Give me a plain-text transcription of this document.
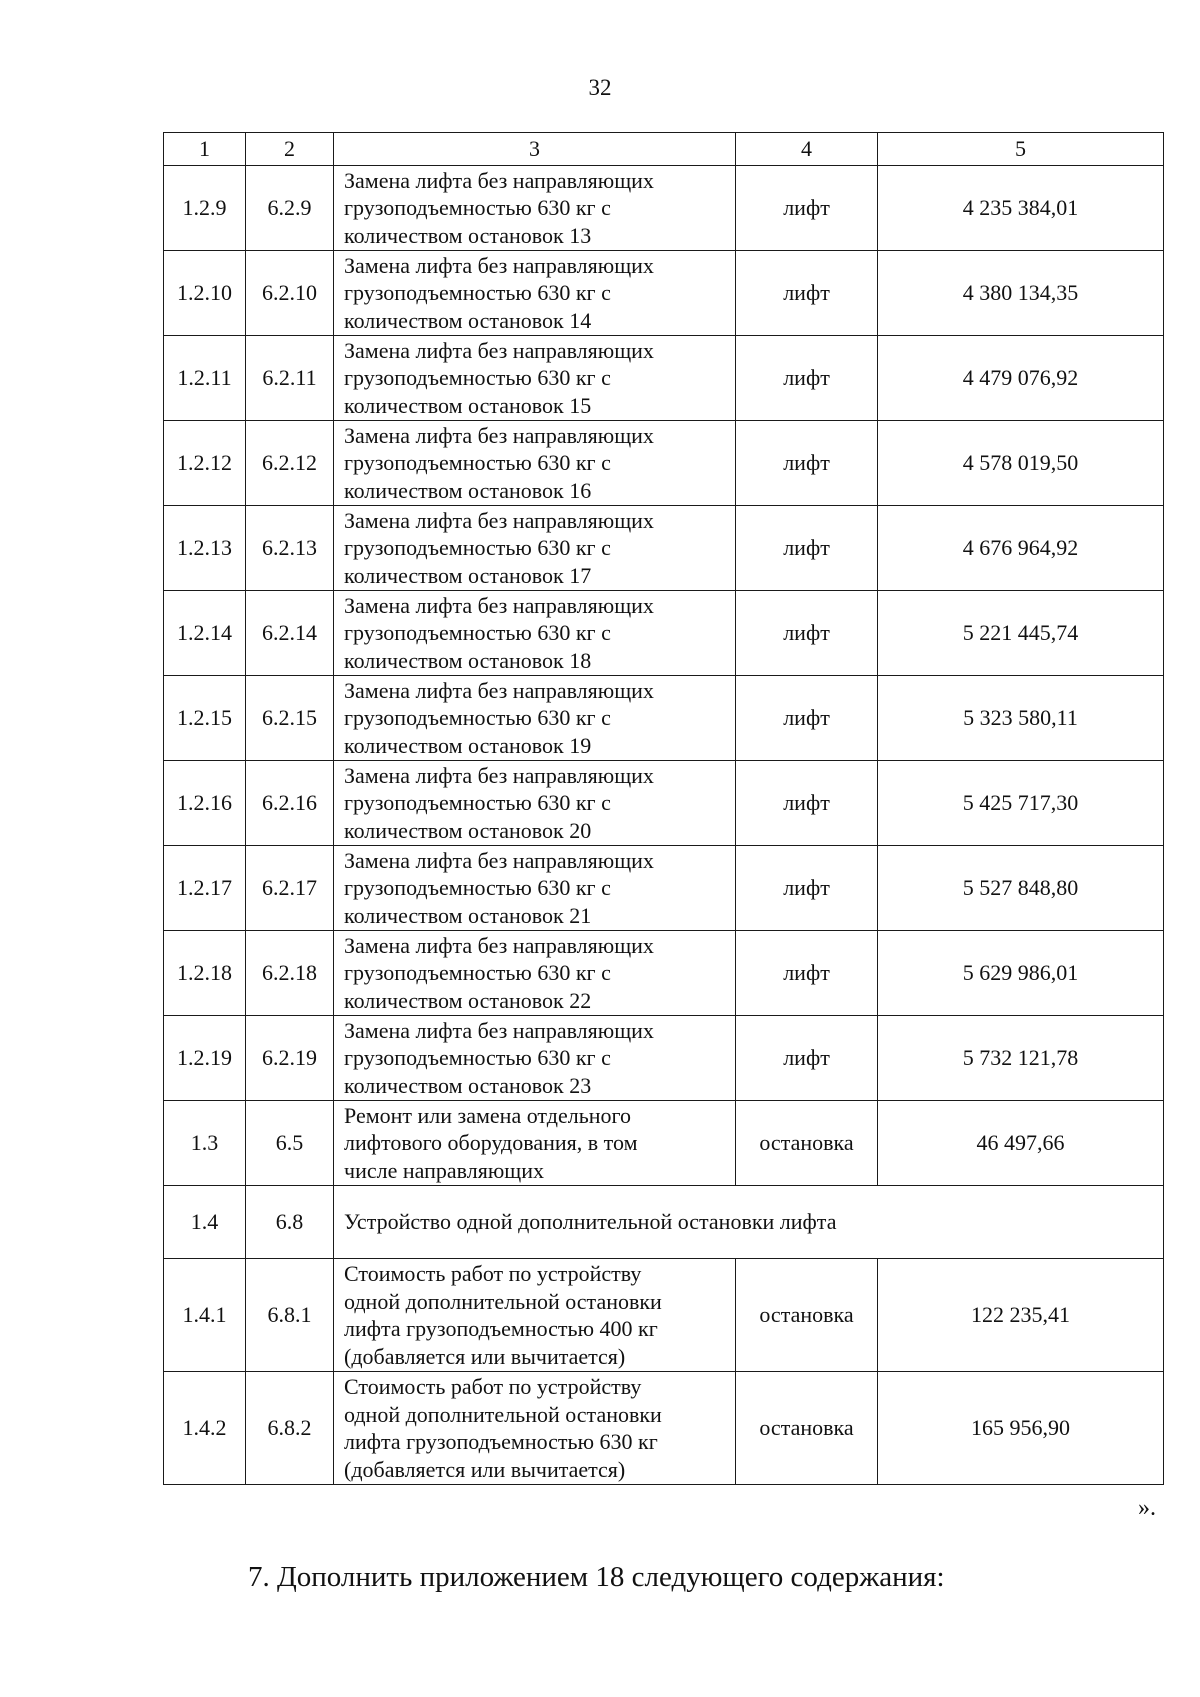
32
1	2	3	4	5
1.2.9	6.2.9	Замена лифта без направляющих
грузоподъемностью 630 кг с
количеством остановок 13	лифт	4 235 384,01
1.2.10	6.2.10	Замена лифта без направляющих
грузоподъемностью 630 кг с
количеством остановок 14	лифт	4 380 134,35
1.2.11	6.2.11	Замена лифта без направляющих
грузоподъемностью 630 кг с
количеством остановок 15	лифт	4 479 076,92
1.2.12	6.2.12	Замена лифта без направляющих
грузоподъемностью 630 кг с
количеством остановок 16	лифт	4 578 019,50
1.2.13	6.2.13	Замена лифта без направляющих
грузоподъемностью 630 кг с
количеством остановок 17	лифт	4 676 964,92
1.2.14	6.2.14	Замена лифта без направляющих
грузоподъемностью 630 кг с
количеством остановок 18	лифт	5 221 445,74
1.2.15	6.2.15	Замена лифта без направляющих
грузоподъемностью 630 кг с
количеством остановок 19	лифт	5 323 580,11
1.2.16	6.2.16	Замена лифта без направляющих
грузоподъемностью 630 кг с
количеством остановок 20	лифт	5 425 717,30
1.2.17	6.2.17	Замена лифта без направляющих
грузоподъемностью 630 кг с
количеством остановок 21	лифт	5 527 848,80
1.2.18	6.2.18	Замена лифта без направляющих
грузоподъемностью 630 кг с
количеством остановок 22	лифт	5 629 986,01
1.2.19	6.2.19	Замена лифта без направляющих
грузоподъемностью 630 кг с
количеством остановок 23	лифт	5 732 121,78
1.3	6.5	Ремонт или замена отдельного
лифтового оборудования, в том
числе направляющих	остановка	46 497,66
1.4	6.8	Устройство одной дополнительной остановки лифта		
1.4.1	6.8.1	Стоимость работ по устройству
одной дополнительной остановки
лифта грузоподъемностью 400 кг
(добавляется или вычитается)	остановка	122 235,41
1.4.2	6.8.2	Стоимость работ по устройству
одной дополнительной остановки
лифта грузоподъемностью 630 кг
(добавляется или вычитается)	остановка	165 956,90
».
7. Дополнить приложением 18 следующего содержания:
